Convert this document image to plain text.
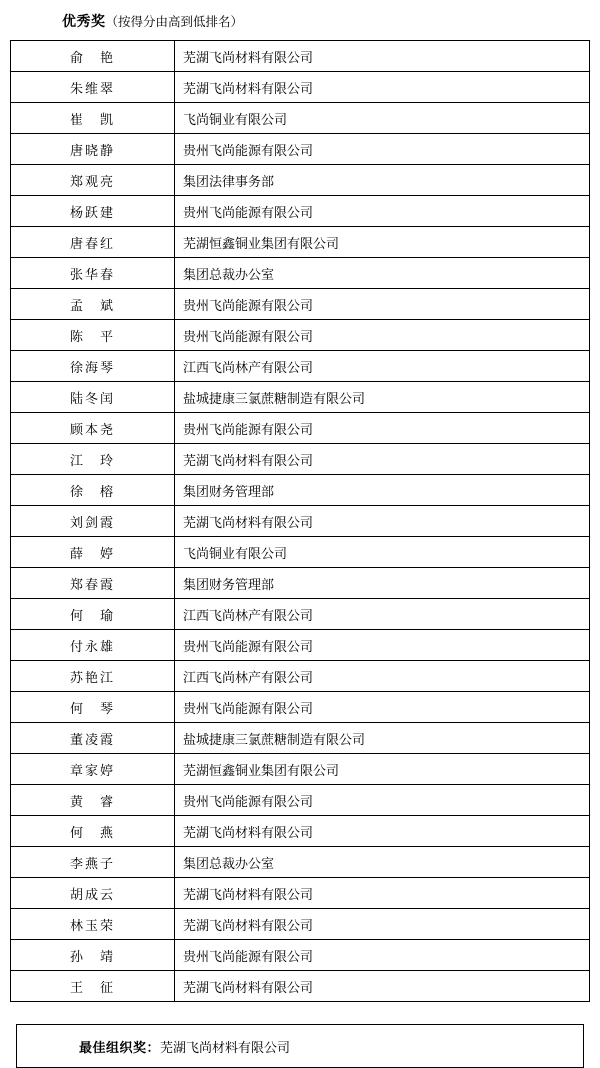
优秀奖（按得分由高到低排名）
俞　艳	芜湖飞尚材料有限公司
朱维翠	芜湖飞尚材料有限公司
崔　凯	飞尚铜业有限公司
唐晓静	贵州飞尚能源有限公司
郑观亮	集团法律事务部
杨跃建	贵州飞尚能源有限公司
唐春红	芜湖恒鑫铜业集团有限公司
张华春	集团总裁办公室
孟　斌	贵州飞尚能源有限公司
陈　平	贵州飞尚能源有限公司
徐海琴	江西飞尚林产有限公司
陆冬闰	盐城捷康三氯蔗糖制造有限公司
顾本尧	贵州飞尚能源有限公司
江　玲	芜湖飞尚材料有限公司
徐　榕	集团财务管理部
刘剑霞	芜湖飞尚材料有限公司
薛　婷	飞尚铜业有限公司
郑春霞	集团财务管理部
何　瑜	江西飞尚林产有限公司
付永雄	贵州飞尚能源有限公司
苏艳江	江西飞尚林产有限公司
何　琴	贵州飞尚能源有限公司
董凌霞	盐城捷康三氯蔗糖制造有限公司
章家婷	芜湖恒鑫铜业集团有限公司
黄　睿	贵州飞尚能源有限公司
何　燕	芜湖飞尚材料有限公司
李燕子	集团总裁办公室
胡成云	芜湖飞尚材料有限公司
林玉荣	芜湖飞尚材料有限公司
孙　靖	贵州飞尚能源有限公司
王　征	芜湖飞尚材料有限公司
最佳组织奖：芜湖飞尚材料有限公司
